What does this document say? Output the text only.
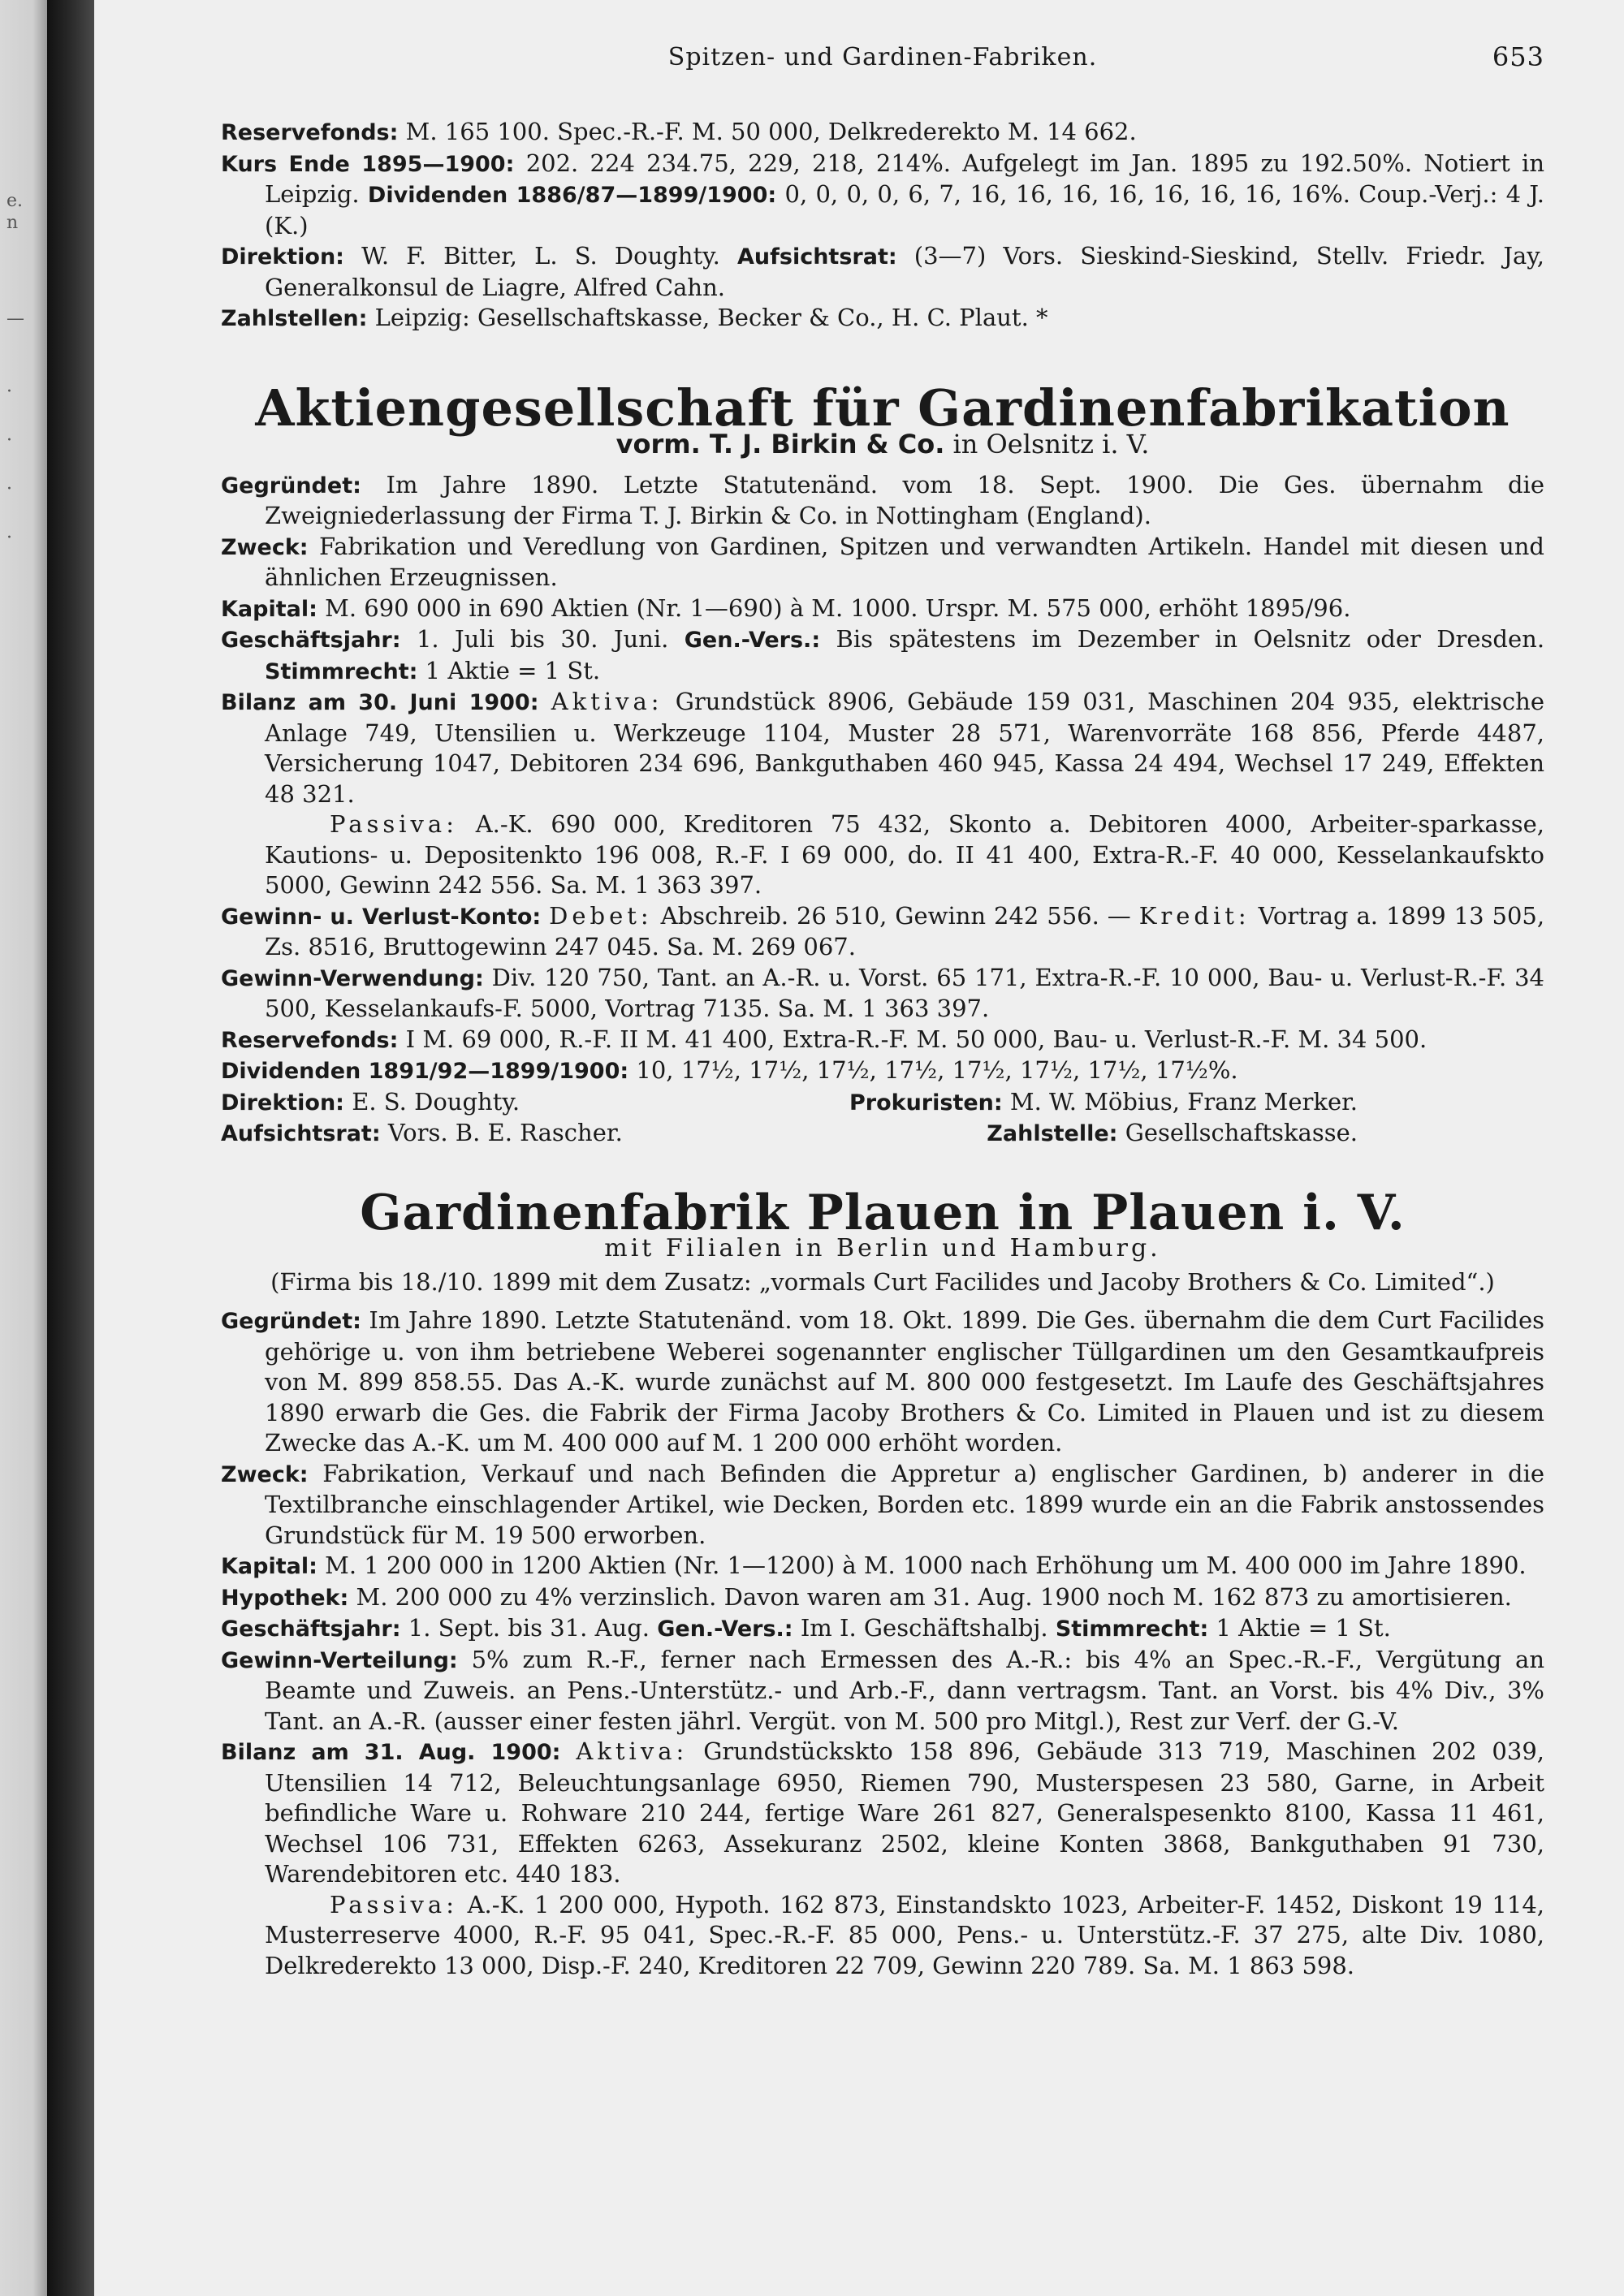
e.
n
—
·
·
·
·
Spitzen- und Gardinen-Fabriken.	653

Reservefonds: M. 165 100. Spec.-R.-F. M. 50 000, Delkrederekto M. 14 662.

Kurs Ende 1895—1900: 202. 224 234.75, 229, 218, 214%. Aufgelegt im Jan. 1895 zu 192.50%. Notiert in Leipzig. Dividenden 1886/87—1899/1900: 0, 0, 0, 0, 6, 7, 16, 16, 16, 16, 16, 16, 16, 16%. Coup.-Verj.: 4 J. (K.)

Direktion: W. F. Bitter, L. S. Doughty. Aufsichtsrat: (3—7) Vors. Sieskind-Sieskind, Stellv. Friedr. Jay, Generalkonsul de Liagre, Alfred Cahn.

Zahlstellen: Leipzig: Gesellschaftskasse, Becker & Co., H. C. Plaut. *

Aktiengesellschaft für Gardinenfabrikation
vorm. T. J. Birkin & Co. in Oelsnitz i. V.

Gegründet: Im Jahre 1890. Letzte Statutenänd. vom 18. Sept. 1900. Die Ges. übernahm die Zweigniederlassung der Firma T. J. Birkin & Co. in Nottingham (England).

Zweck: Fabrikation und Veredlung von Gardinen, Spitzen und verwandten Artikeln. Handel mit diesen und ähnlichen Erzeugnissen.

Kapital: M. 690 000 in 690 Aktien (Nr. 1—690) à M. 1000. Urspr. M. 575 000, erhöht 1895/96.

Geschäftsjahr: 1. Juli bis 30. Juni. Gen.-Vers.: Bis spätestens im Dezember in Oelsnitz oder Dresden. Stimmrecht: 1 Aktie = 1 St.

Bilanz am 30. Juni 1900: Aktiva: Grundstück 8906, Gebäude 159 031, Maschinen 204 935, elektrische Anlage 749, Utensilien u. Werkzeuge 1104, Muster 28 571, Warenvorräte 168 856, Pferde 4487, Versicherung 1047, Debitoren 234 696, Bankguthaben 460 945, Kassa 24 494, Wechsel 17 249, Effekten 48 321.

Passiva: A.-K. 690 000, Kreditoren 75 432, Skonto a. Debitoren 4000, Arbeiter-sparkasse, Kautions- u. Depositenkto 196 008, R.-F. I 69 000, do. II 41 400, Extra-R.-F. 40 000, Kesselankaufskto 5000, Gewinn 242 556. Sa. M. 1 363 397.

Gewinn- u. Verlust-Konto: Debet: Abschreib. 26 510, Gewinn 242 556. — Kredit: Vortrag a. 1899 13 505, Zs. 8516, Bruttogewinn 247 045. Sa. M. 269 067.

Gewinn-Verwendung: Div. 120 750, Tant. an A.-R. u. Vorst. 65 171, Extra-R.-F. 10 000, Bau- u. Verlust-R.-F. 34 500, Kesselankaufs-F. 5000, Vortrag 7135. Sa. M. 1 363 397.

Reservefonds: I M. 69 000, R.-F. II M. 41 400, Extra-R.-F. M. 50 000, Bau- u. Verlust-R.-F. M. 34 500.

Dividenden 1891/92—1899/1900: 10, 17½, 17½, 17½, 17½, 17½, 17½, 17½, 17½%.

Direktion: E. S. Doughty.	Prokuristen: M. W. Möbius, Franz Merker.
Aufsichtsrat: Vors. B. E. Rascher.	Zahlstelle: Gesellschaftskasse.
Gardinenfabrik Plauen in Plauen i. V.
mit Filialen in Berlin und Hamburg.
(Firma bis 18./10. 1899 mit dem Zusatz: „vormals Curt Facilides und Jacoby Brothers & Co. Limited“.)

Gegründet: Im Jahre 1890. Letzte Statutenänd. vom 18. Okt. 1899. Die Ges. übernahm die dem Curt Facilides gehörige u. von ihm betriebene Weberei sogenannter englischer Tüllgardinen um den Gesamtkaufpreis von M. 899 858.55. Das A.-K. wurde zunächst auf M. 800 000 festgesetzt. Im Laufe des Geschäftsjahres 1890 erwarb die Ges. die Fabrik der Firma Jacoby Brothers & Co. Limited in Plauen und ist zu diesem Zwecke das A.-K. um M. 400 000 auf M. 1 200 000 erhöht worden.

Zweck: Fabrikation, Verkauf und nach Befinden die Appretur a) englischer Gardinen, b) anderer in die Textilbranche einschlagender Artikel, wie Decken, Borden etc. 1899 wurde ein an die Fabrik anstossendes Grundstück für M. 19 500 erworben.

Kapital: M. 1 200 000 in 1200 Aktien (Nr. 1—1200) à M. 1000 nach Erhöhung um M. 400 000 im Jahre 1890.

Hypothek: M. 200 000 zu 4% verzinslich. Davon waren am 31. Aug. 1900 noch M. 162 873 zu amortisieren.

Geschäftsjahr: 1. Sept. bis 31. Aug. Gen.-Vers.: Im I. Geschäftshalbj. Stimmrecht: 1 Aktie = 1 St.

Gewinn-Verteilung: 5% zum R.-F., ferner nach Ermessen des A.-R.: bis 4% an Spec.-R.-F., Vergütung an Beamte und Zuweis. an Pens.-Unterstütz.- und Arb.-F., dann vertragsm. Tant. an Vorst. bis 4% Div., 3% Tant. an A.-R. (ausser einer festen jährl. Vergüt. von M. 500 pro Mitgl.), Rest zur Verf. der G.-V.

Bilanz am 31. Aug. 1900: Aktiva: Grundstückskto 158 896, Gebäude 313 719, Maschinen 202 039, Utensilien 14 712, Beleuchtungsanlage 6950, Riemen 790, Musterspesen 23 580, Garne, in Arbeit befindliche Ware u. Rohware 210 244, fertige Ware 261 827, Generalspesenkto 8100, Kassa 11 461, Wechsel 106 731, Effekten 6263, Assekuranz 2502, kleine Konten 3868, Bankguthaben 91 730, Warendebitoren etc. 440 183.

Passiva: A.-K. 1 200 000, Hypoth. 162 873, Einstandskto 1023, Arbeiter-F. 1452, Diskont 19 114, Musterreserve 4000, R.-F. 95 041, Spec.-R.-F. 85 000, Pens.- u. Unterstütz.-F. 37 275, alte Div. 1080, Delkrederekto 13 000, Disp.-F. 240, Kreditoren 22 709, Gewinn 220 789. Sa. M. 1 863 598.
